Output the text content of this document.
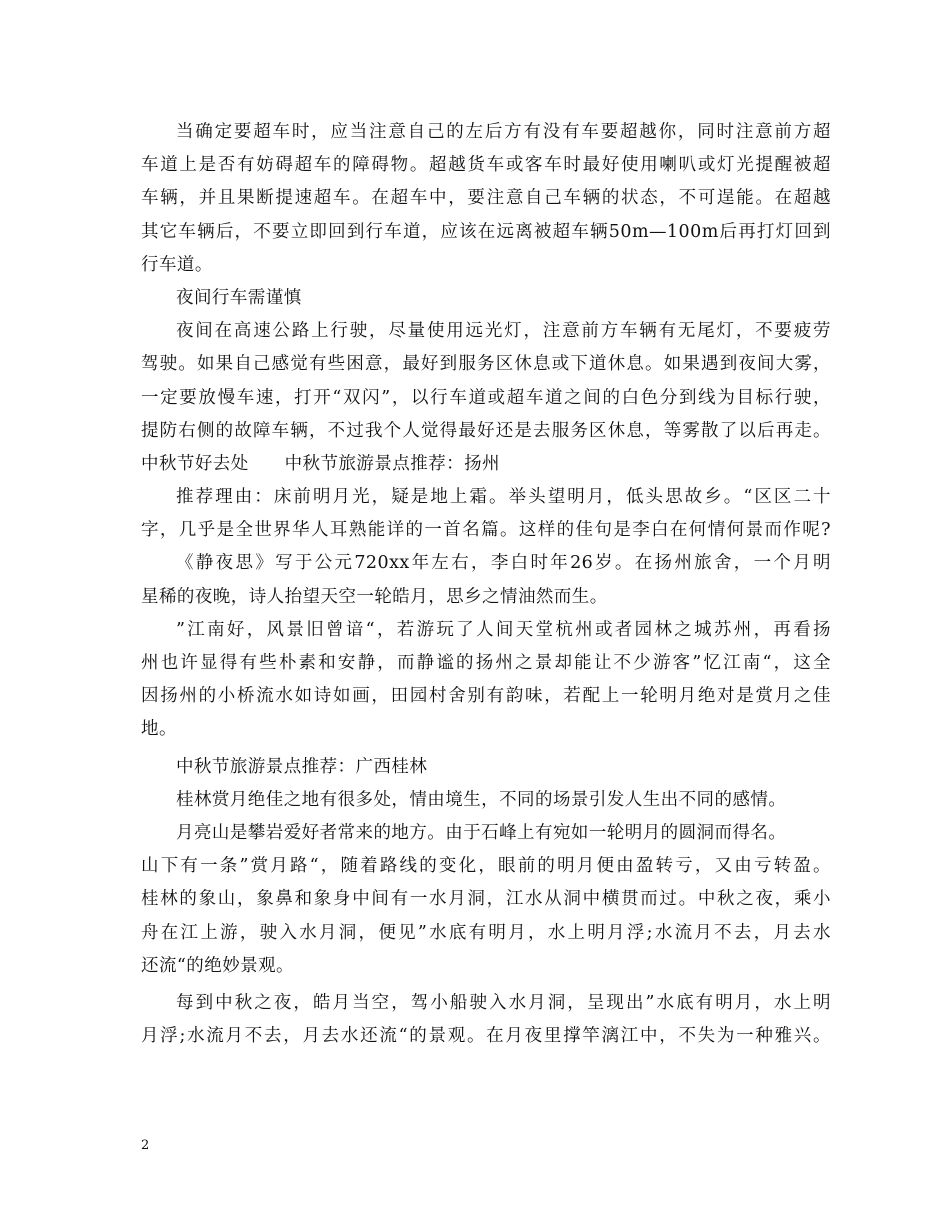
当确定要超车时，应当注意自己的左后方有没有车要超越你，同时注意前方超
车道上是否有妨碍超车的障碍物。超越货车或客车时最好使用喇叭或灯光提醒被超
车辆，并且果断提速超车。在超车中，要注意自己车辆的状态，不可逞能。在超越
其它车辆后，不要立即回到行车道，应该在远离被超车辆50m—100m后再打灯回到
行车道。
夜间行车需谨慎
夜间在高速公路上行驶，尽量使用远光灯，注意前方车辆有无尾灯，不要疲劳
驾驶。如果自己感觉有些困意，最好到服务区休息或下道休息。如果遇到夜间大雾，
一定要放慢车速，打开“双闪”，以行车道或超车道之间的白色分到线为目标行驶，
提防右侧的故障车辆，不过我个人觉得最好还是去服务区休息，等雾散了以后再走。
中秋节好去处　　中秋节旅游景点推荐：扬州
推荐理由：床前明月光，疑是地上霜。举头望明月，低头思故乡。“区区二十
字，几乎是全世界华人耳熟能详的一首名篇。这样的佳句是李白在何情何景而作呢?
《静夜思》写于公元720xx年左右，李白时年26岁。在扬州旅舍，一个月明
星稀的夜晚，诗人抬望天空一轮皓月，思乡之情油然而生。
”江南好，风景旧曾谙“，若游玩了人间天堂杭州或者园林之城苏州，再看扬
州也许显得有些朴素和安静，而静谧的扬州之景却能让不少游客”忆江南“，这全
因扬州的小桥流水如诗如画，田园村舍别有韵味，若配上一轮明月绝对是赏月之佳
地。
中秋节旅游景点推荐：广西桂林
桂林赏月绝佳之地有很多处，情由境生，不同的场景引发人生出不同的感情。
月亮山是攀岩爱好者常来的地方。由于石峰上有宛如一轮明月的圆洞而得名。
山下有一条”赏月路“，随着路线的变化，眼前的明月便由盈转亏，又由亏转盈。
桂林的象山，象鼻和象身中间有一水月洞，江水从洞中横贯而过。中秋之夜，乘小
舟在江上游，驶入水月洞，便见”水底有明月，水上明月浮;水流月不去，月去水
还流“的绝妙景观。
每到中秋之夜，皓月当空，驾小船驶入水月洞，呈现出”水底有明月，水上明
月浮;水流月不去，月去水还流“的景观。在月夜里撑竿漓江中，不失为一种雅兴。
2
